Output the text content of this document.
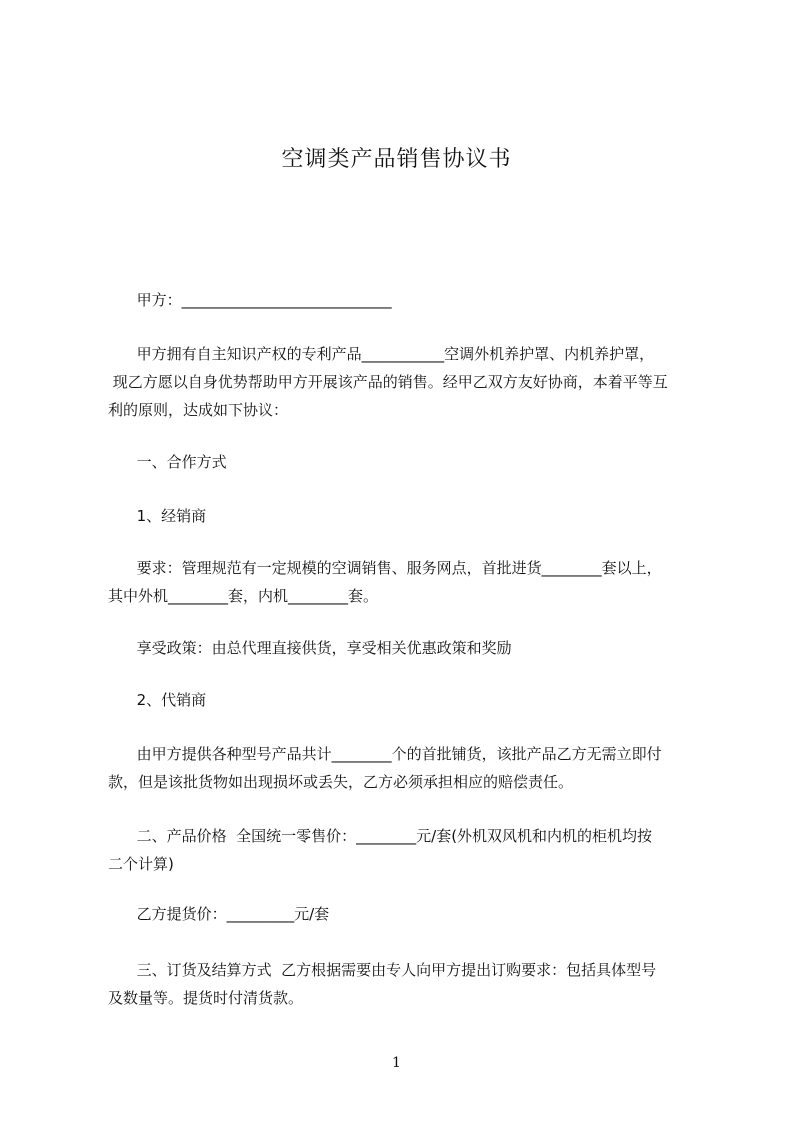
空调类产品销售协议书
甲方：____________________________
甲方拥有自主知识产权的专利产品___________空调外机养护罩、内机养护罩，
现乙方愿以自身优势帮助甲方开展该产品的销售。经甲乙双方友好协商，本着平等互
利的原则，达成如下协议：
一、合作方式
1、经销商
要求：管理规范有一定规模的空调销售、服务网点，首批进货________套以上，
其中外机________套，内机________套。
享受政策：由总代理直接供货，享受相关优惠政策和奖励
2、代销商
由甲方提供各种型号产品共计________个的首批铺货，该批产品乙方无需立即付
款，但是该批货物如出现损坏或丢失，乙方必须承担相应的赔偿责任。
二、产品价格  全国统一零售价：________元/套(外机双风机和内机的柜机均按
二个计算)
乙方提货价：_________元/套
三、订货及结算方式  乙方根据需要由专人向甲方提出订购要求：包括具体型号
及数量等。提货时付清货款。
1
